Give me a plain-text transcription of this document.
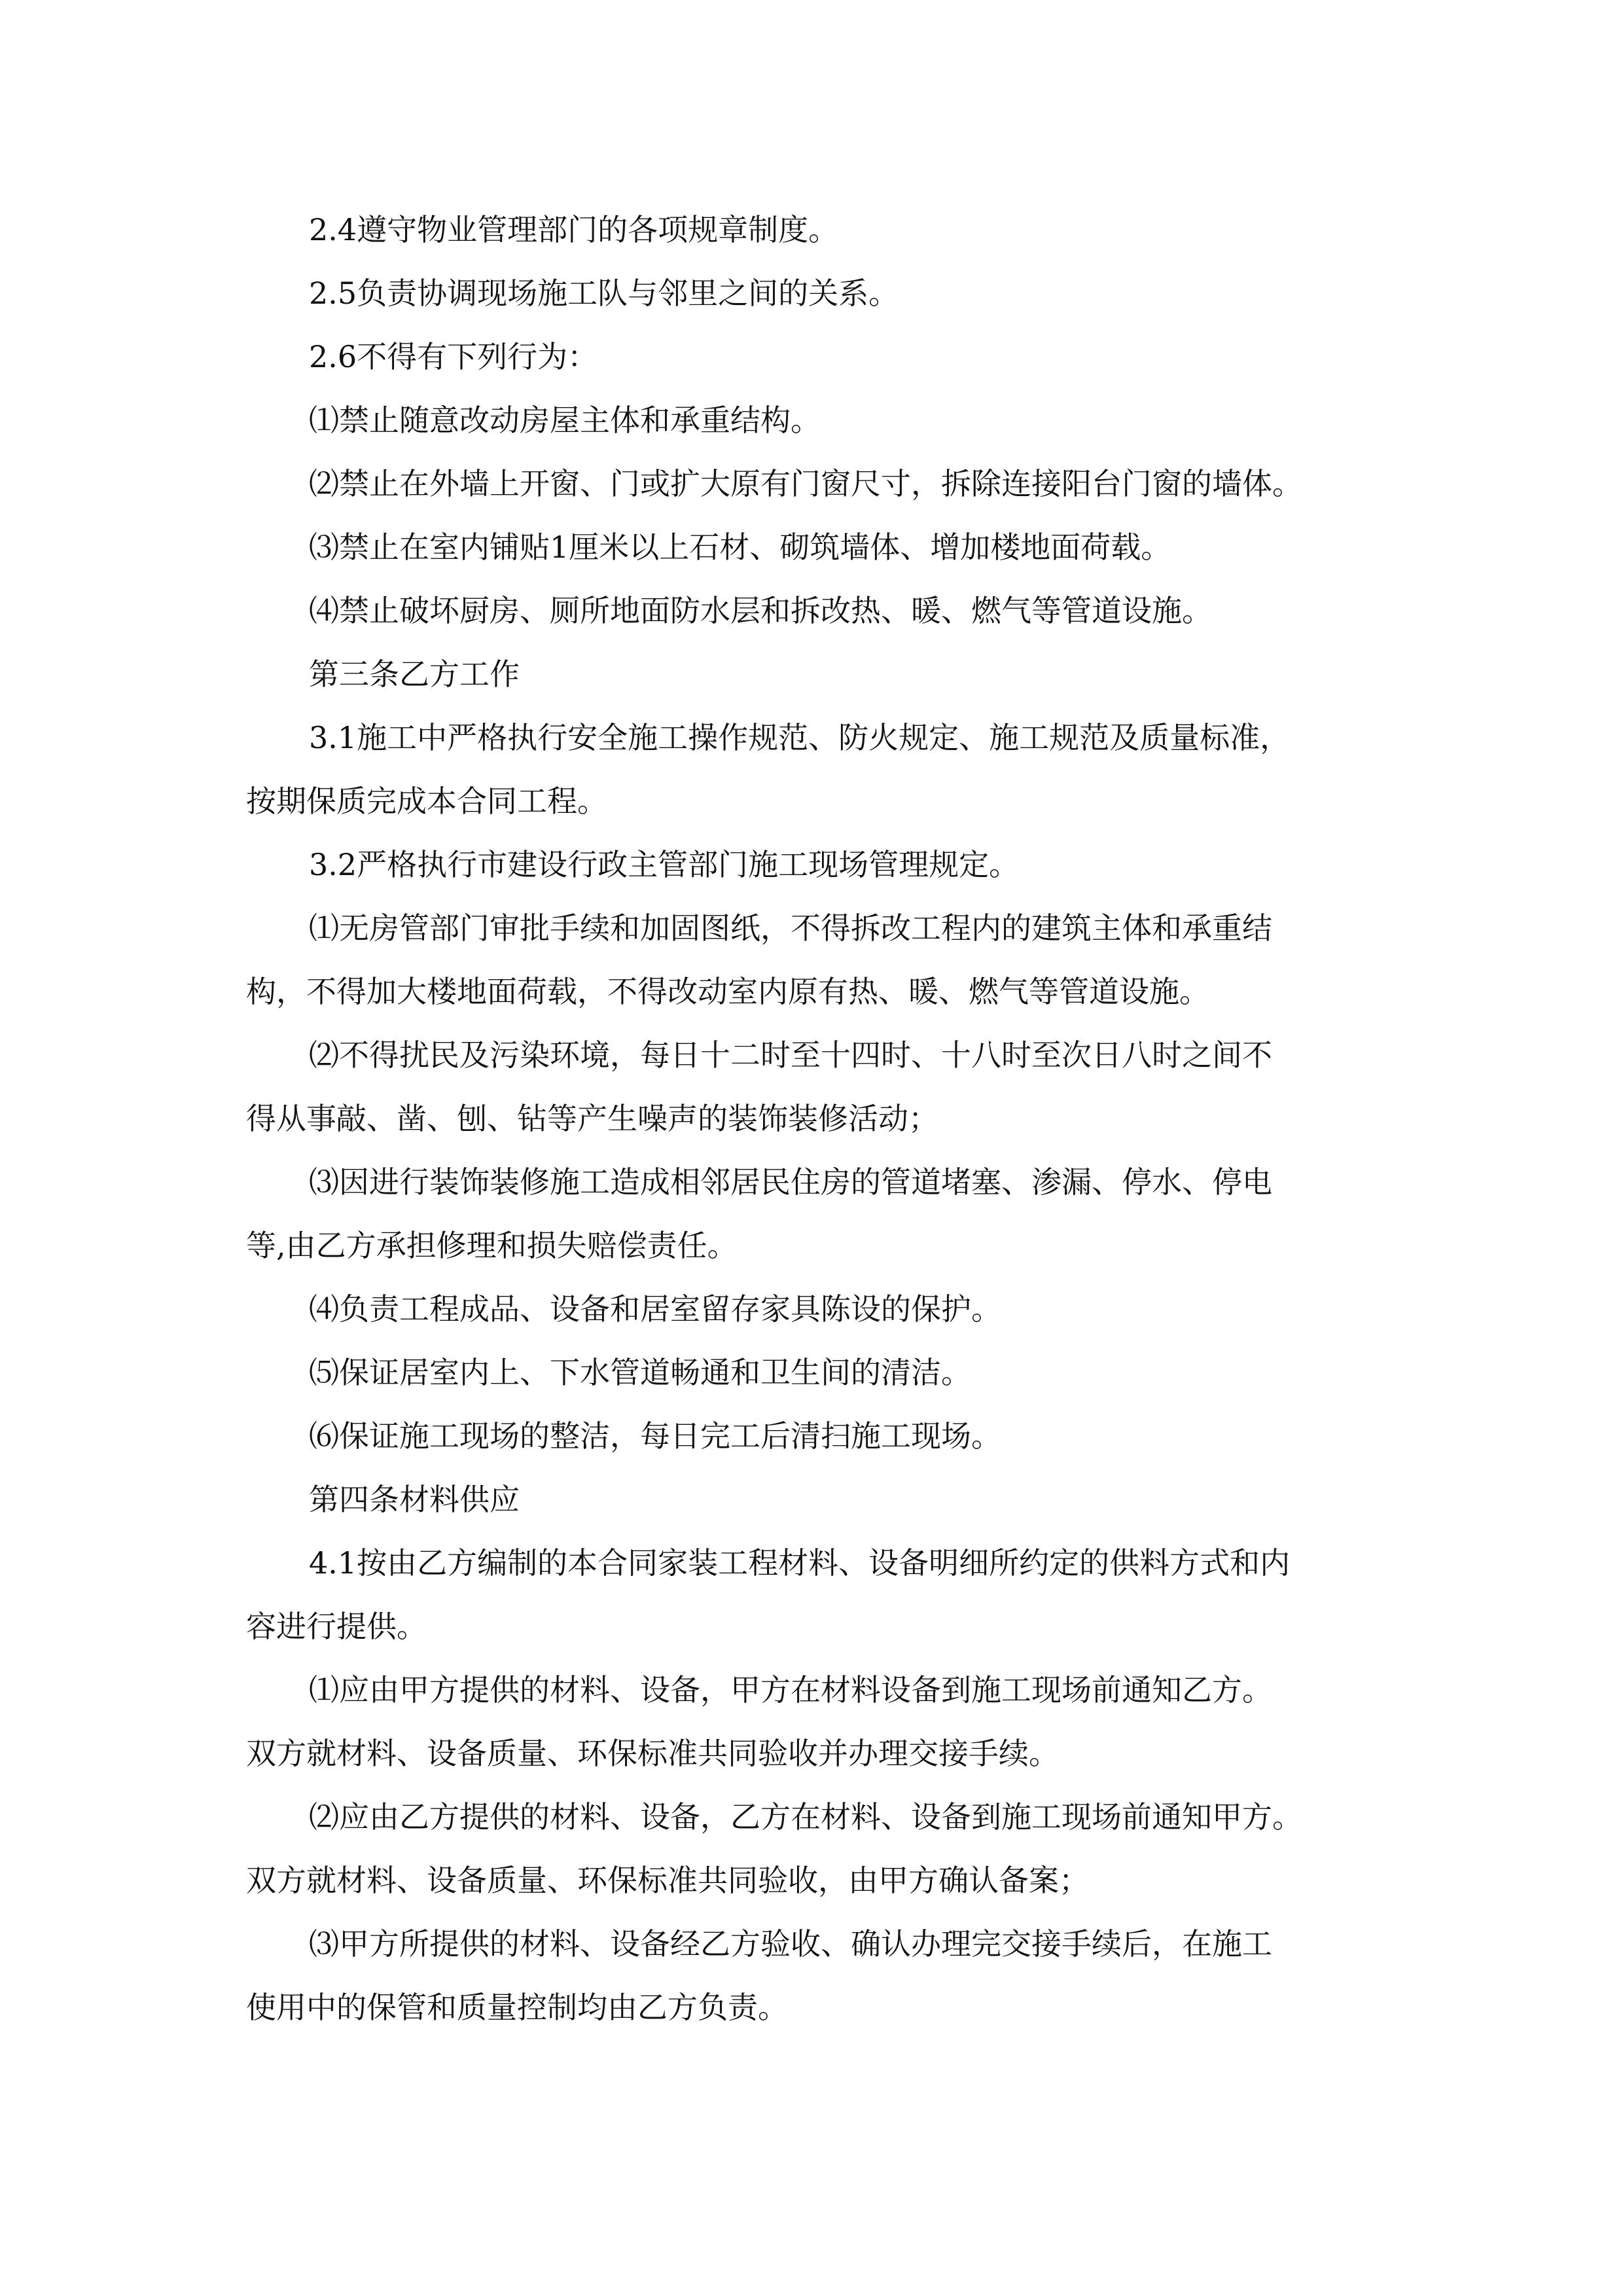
2.4遵守物业管理部门的各项规章制度。

2.5负责协调现场施工队与邻里之间的关系。

2.6不得有下列行为：

⑴禁止随意改动房屋主体和承重结构。

⑵禁止在外墙上开窗、门或扩大原有门窗尺寸，拆除连接阳台门窗的墙体。

⑶禁止在室内铺贴1厘米以上石材、砌筑墙体、增加楼地面荷载。

⑷禁止破坏厨房、厕所地面防水层和拆改热、暖、燃气等管道设施。

第三条乙方工作

3.1施工中严格执行安全施工操作规范、防火规定、施工规范及质量标准，

按期保质完成本合同工程。

3.2严格执行市建设行政主管部门施工现场管理规定。

⑴无房管部门审批手续和加固图纸，不得拆改工程内的建筑主体和承重结

构，不得加大楼地面荷载，不得改动室内原有热、暖、燃气等管道设施。

⑵不得扰民及污染环境，每日十二时至十四时、十八时至次日八时之间不

得从事敲、凿、刨、钻等产生噪声的装饰装修活动；

⑶因进行装饰装修施工造成相邻居民住房的管道堵塞、渗漏、停水、停电

等,由乙方承担修理和损失赔偿责任。

⑷负责工程成品、设备和居室留存家具陈设的保护。

⑸保证居室内上、下水管道畅通和卫生间的清洁。

⑹保证施工现场的整洁，每日完工后清扫施工现场。

第四条材料供应

4.1按由乙方编制的本合同家装工程材料、设备明细所约定的供料方式和内

容进行提供。

⑴应由甲方提供的材料、设备，甲方在材料设备到施工现场前通知乙方。

双方就材料、设备质量、环保标准共同验收并办理交接手续。

⑵应由乙方提供的材料、设备，乙方在材料、设备到施工现场前通知甲方。

双方就材料、设备质量、环保标准共同验收，由甲方确认备案；

⑶甲方所提供的材料、设备经乙方验收、确认办理完交接手续后，在施工

使用中的保管和质量控制均由乙方负责。
